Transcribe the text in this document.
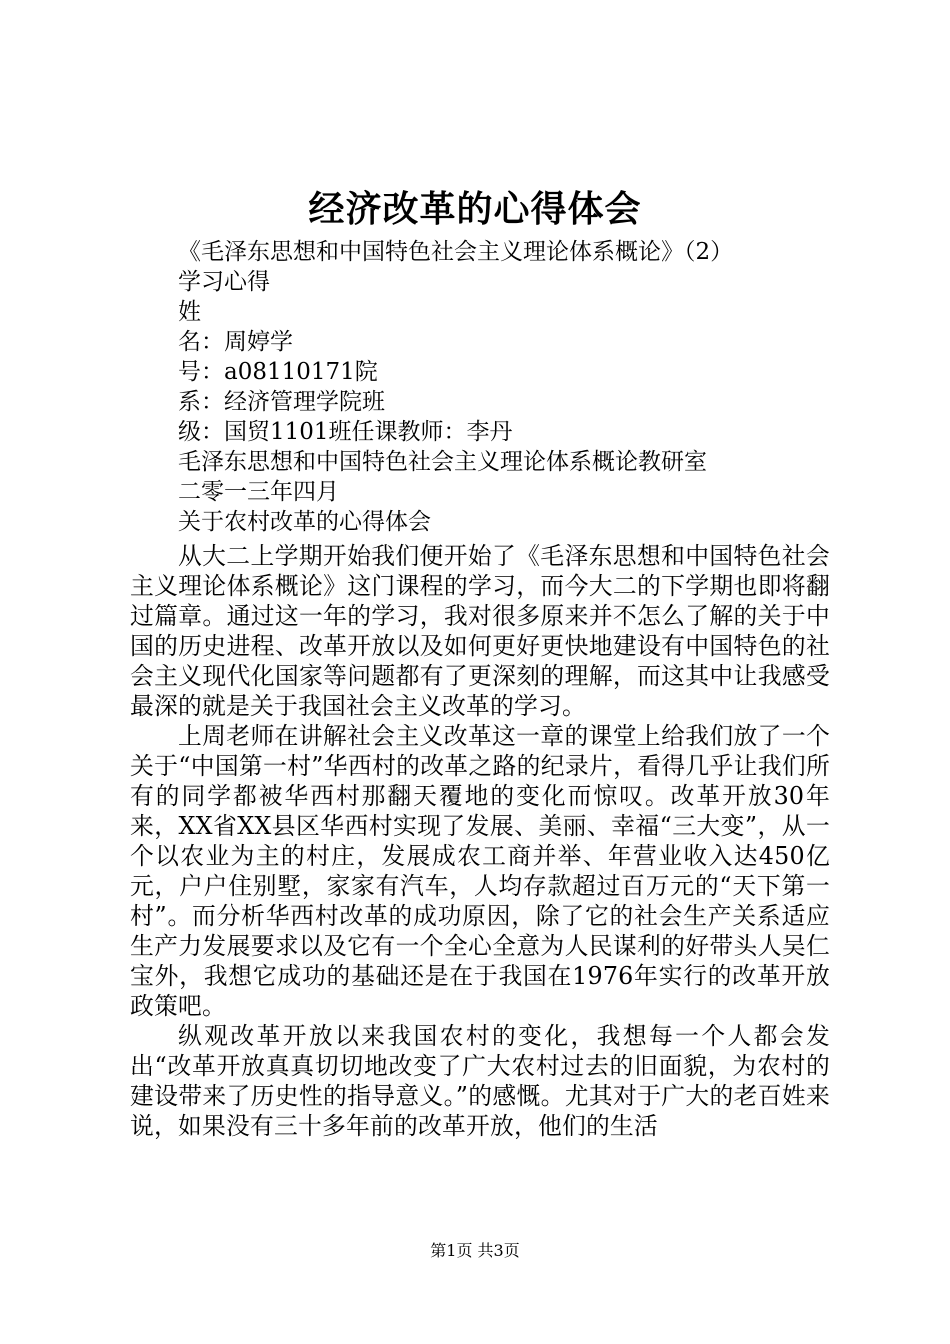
经济改革的心得体会
《毛泽东思想和中国特色社会主义理论体系概论》（2）
学习心得
姓
名：周婷学
号：a08110171院
系：经济管理学院班
级：国贸1101班任课教师：李丹
毛泽东思想和中国特色社会主义理论体系概论教研室
二零一三年四月
关于农村改革的心得体会

从大二上学期开始我们便开始了《毛泽东思想和中国特色社会主义理论体系概论》这门课程的学习，而今大二的下学期也即将翻过篇章。通过这一年的学习，我对很多原来并不怎么了解的关于中国的历史进程、改革开放以及如何更好更快地建设有中国特色的社会主义现代化国家等问题都有了更深刻的理解，而这其中让我感受最深的就是关于我国社会主义改革的学习。

上周老师在讲解社会主义改革这一章的课堂上给我们放了一个关于“中国第一村”华西村的改革之路的纪录片，看得几乎让我们所有的同学都被华西村那翻天覆地的变化而惊叹。改革开放30年来，XX省XX县区华西村实现了发展、美丽、幸福“三大变”，从一个以农业为主的村庄，发展成农工商并举、年营业收入达450亿元，户户住别墅，家家有汽车，人均存款超过百万元的“天下第一村”。而分析华西村改革的成功原因，除了它的社会生产关系适应生产力发展要求以及它有一个全心全意为人民谋利的好带头人吴仁宝外，我想它成功的基础还是在于我国在1976年实行的改革开放政策吧。

纵观改革开放以来我国农村的变化，我想每一个人都会发出“改革开放真真切切地改变了广大农村过去的旧面貌，为农村的建设带来了历史性的指导意义。”的感慨。尤其对于广大的老百姓来说，如果没有三十多年前的改革开放，他们的生活

第1页 共3页
